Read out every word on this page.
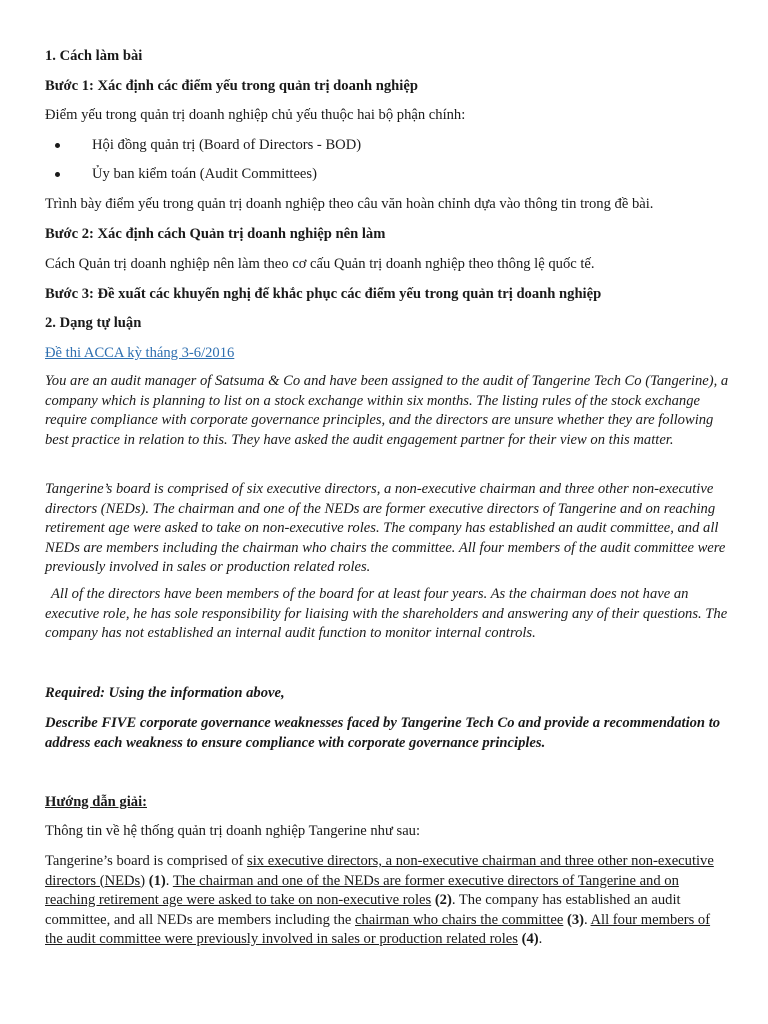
1. Cách làm bài
Bước 1: Xác định các điểm yếu trong quản trị doanh nghiệp
Điểm yếu trong quản trị doanh nghiệp chủ yếu thuộc hai bộ phận chính:
Hội đồng quản trị (Board of Directors - BOD)
Ủy ban kiểm toán (Audit Committees)
Trình bày điểm yếu trong quản trị doanh nghiệp theo câu văn hoàn chỉnh dựa vào thông tin trong đề bài.
Bước 2: Xác định cách Quản trị doanh nghiệp nên làm
Cách Quản trị doanh nghiệp nên làm theo cơ cấu Quản trị doanh nghiệp theo thông lệ quốc tế.
Bước 3: Đề xuất các khuyến nghị để khắc phục các điểm yếu trong quản trị doanh nghiệp
2. Dạng tự luận
Đề thi ACCA kỳ tháng 3-6/2016
You are an audit manager of Satsuma & Co and have been assigned to the audit of Tangerine Tech Co (Tangerine), a company which is planning to list on a stock exchange within six months. The listing rules of the stock exchange require compliance with corporate governance principles, and the directors are unsure whether they are following best practice in relation to this. They have asked the audit engagement partner for their view on this matter.
Tangerine’s board is comprised of six executive directors, a non-executive chairman and three other non-executive directors (NEDs). The chairman and one of the NEDs are former executive directors of Tangerine and on reaching retirement age were asked to take on non-executive roles. The company has established an audit committee, and all NEDs are members including the chairman who chairs the committee. All four members of the audit committee were previously involved in sales or production related roles.
All of the directors have been members of the board for at least four years. As the chairman does not have an executive role, he has sole responsibility for liaising with the shareholders and answering any of their questions. The company has not established an internal audit function to monitor internal controls.
Required: Using the information above,
Describe FIVE corporate governance weaknesses faced by Tangerine Tech Co and provide a recommendation to address each weakness to ensure compliance with corporate governance principles.
Hướng dẫn giải:
Thông tin về hệ thống quản trị doanh nghiệp Tangerine như sau:
Tangerine’s board is comprised of six executive directors, a non-executive chairman and three other non-executive directors (NEDs) (1). The chairman and one of the NEDs are former executive directors of Tangerine and on reaching retirement age were asked to take on non-executive roles (2). The company has established an audit committee, and all NEDs are members including the chairman who chairs the committee (3). All four members of the audit committee were previously involved in sales or production related roles (4).
